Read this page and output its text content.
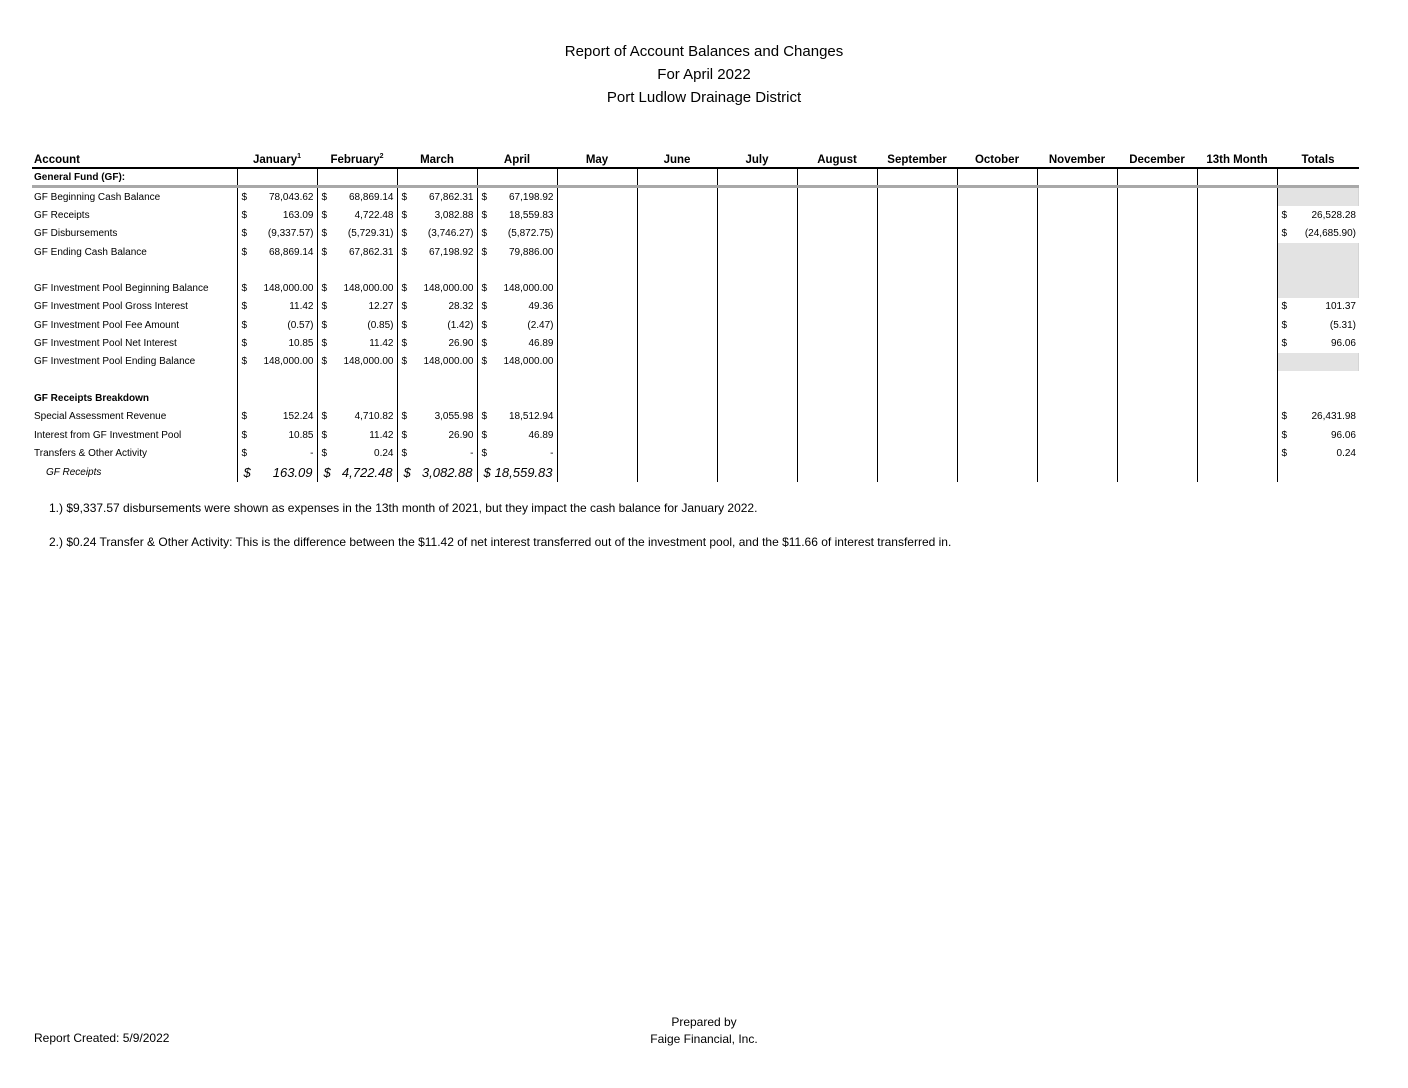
Report of Account Balances and Changes
For April 2022
Port Ludlow Drainage District
Account	January$^1$	February$^2$	March	April	May	June	July	August	September	October	November	December	13th Month	Totals
General Fund (GF):														
GF Beginning Cash Balance	$ 78,043.62	$ 68,869.14	$ 67,862.31	$ 67,198.92										

GF Receipts	$ 163.09	$ 4,722.48	$ 3,082.88	$ 18,559.83										$ 26,528.28

GF Disbursements	$ (9,337.57)	$ (5,729.31)	$ (3,746.27)	$ (5,872.75)										$ (24,685.90)

GF Ending Cash Balance	$ 68,869.14	$ 67,862.31	$ 67,198.92	$ 79,886.00										

GF Investment Pool Beginning Balance	$ 148,000.00	$ 148,000.00	$ 148,000.00	$ 148,000.00										

GF Investment Pool Gross Interest	$ 11.42	$ 12.27	$ 28.32	$ 49.36										$ 101.37

GF Investment Pool Fee Amount	$ (0.57)	$ (0.85)	$ (1.42)	$ (2.47)										$ (5.31)

GF Investment Pool Net Interest	$ 10.85	$ 11.42	$ 26.90	$ 46.89										$ 96.06

GF Investment Pool Ending Balance	$ 148,000.00	$ 148,000.00	$ 148,000.00	$ 148,000.00										

GF Receipts Breakdown														
Special Assessment Revenue	$ 152.24	$ 4,710.82	$ 3,055.98	$ 18,512.94										$ 26,431.98

Interest from GF Investment Pool	$ 10.85	$ 11.42	$ 26.90	$ 46.89										$ 96.06

Transfers & Other Activity	$ -	$ 0.24	$ -	$ -										$ 0.24

GF Receipts	$ 163.09	$ 4,722.48	$ 3,082.88	$ 18,559.83										

1.) $9,337.57 disbursements were shown as expenses in the 13th month of 2021, but they impact the cash balance for January 2022.

2.) $0.24 Transfer & Other Activity: This is the difference between the $11.42 of net interest transferred out of the investment pool, and the $11.66 of interest transferred in.

Report Created: 5/9/2022
Prepared by
Faige Financial, Inc.
